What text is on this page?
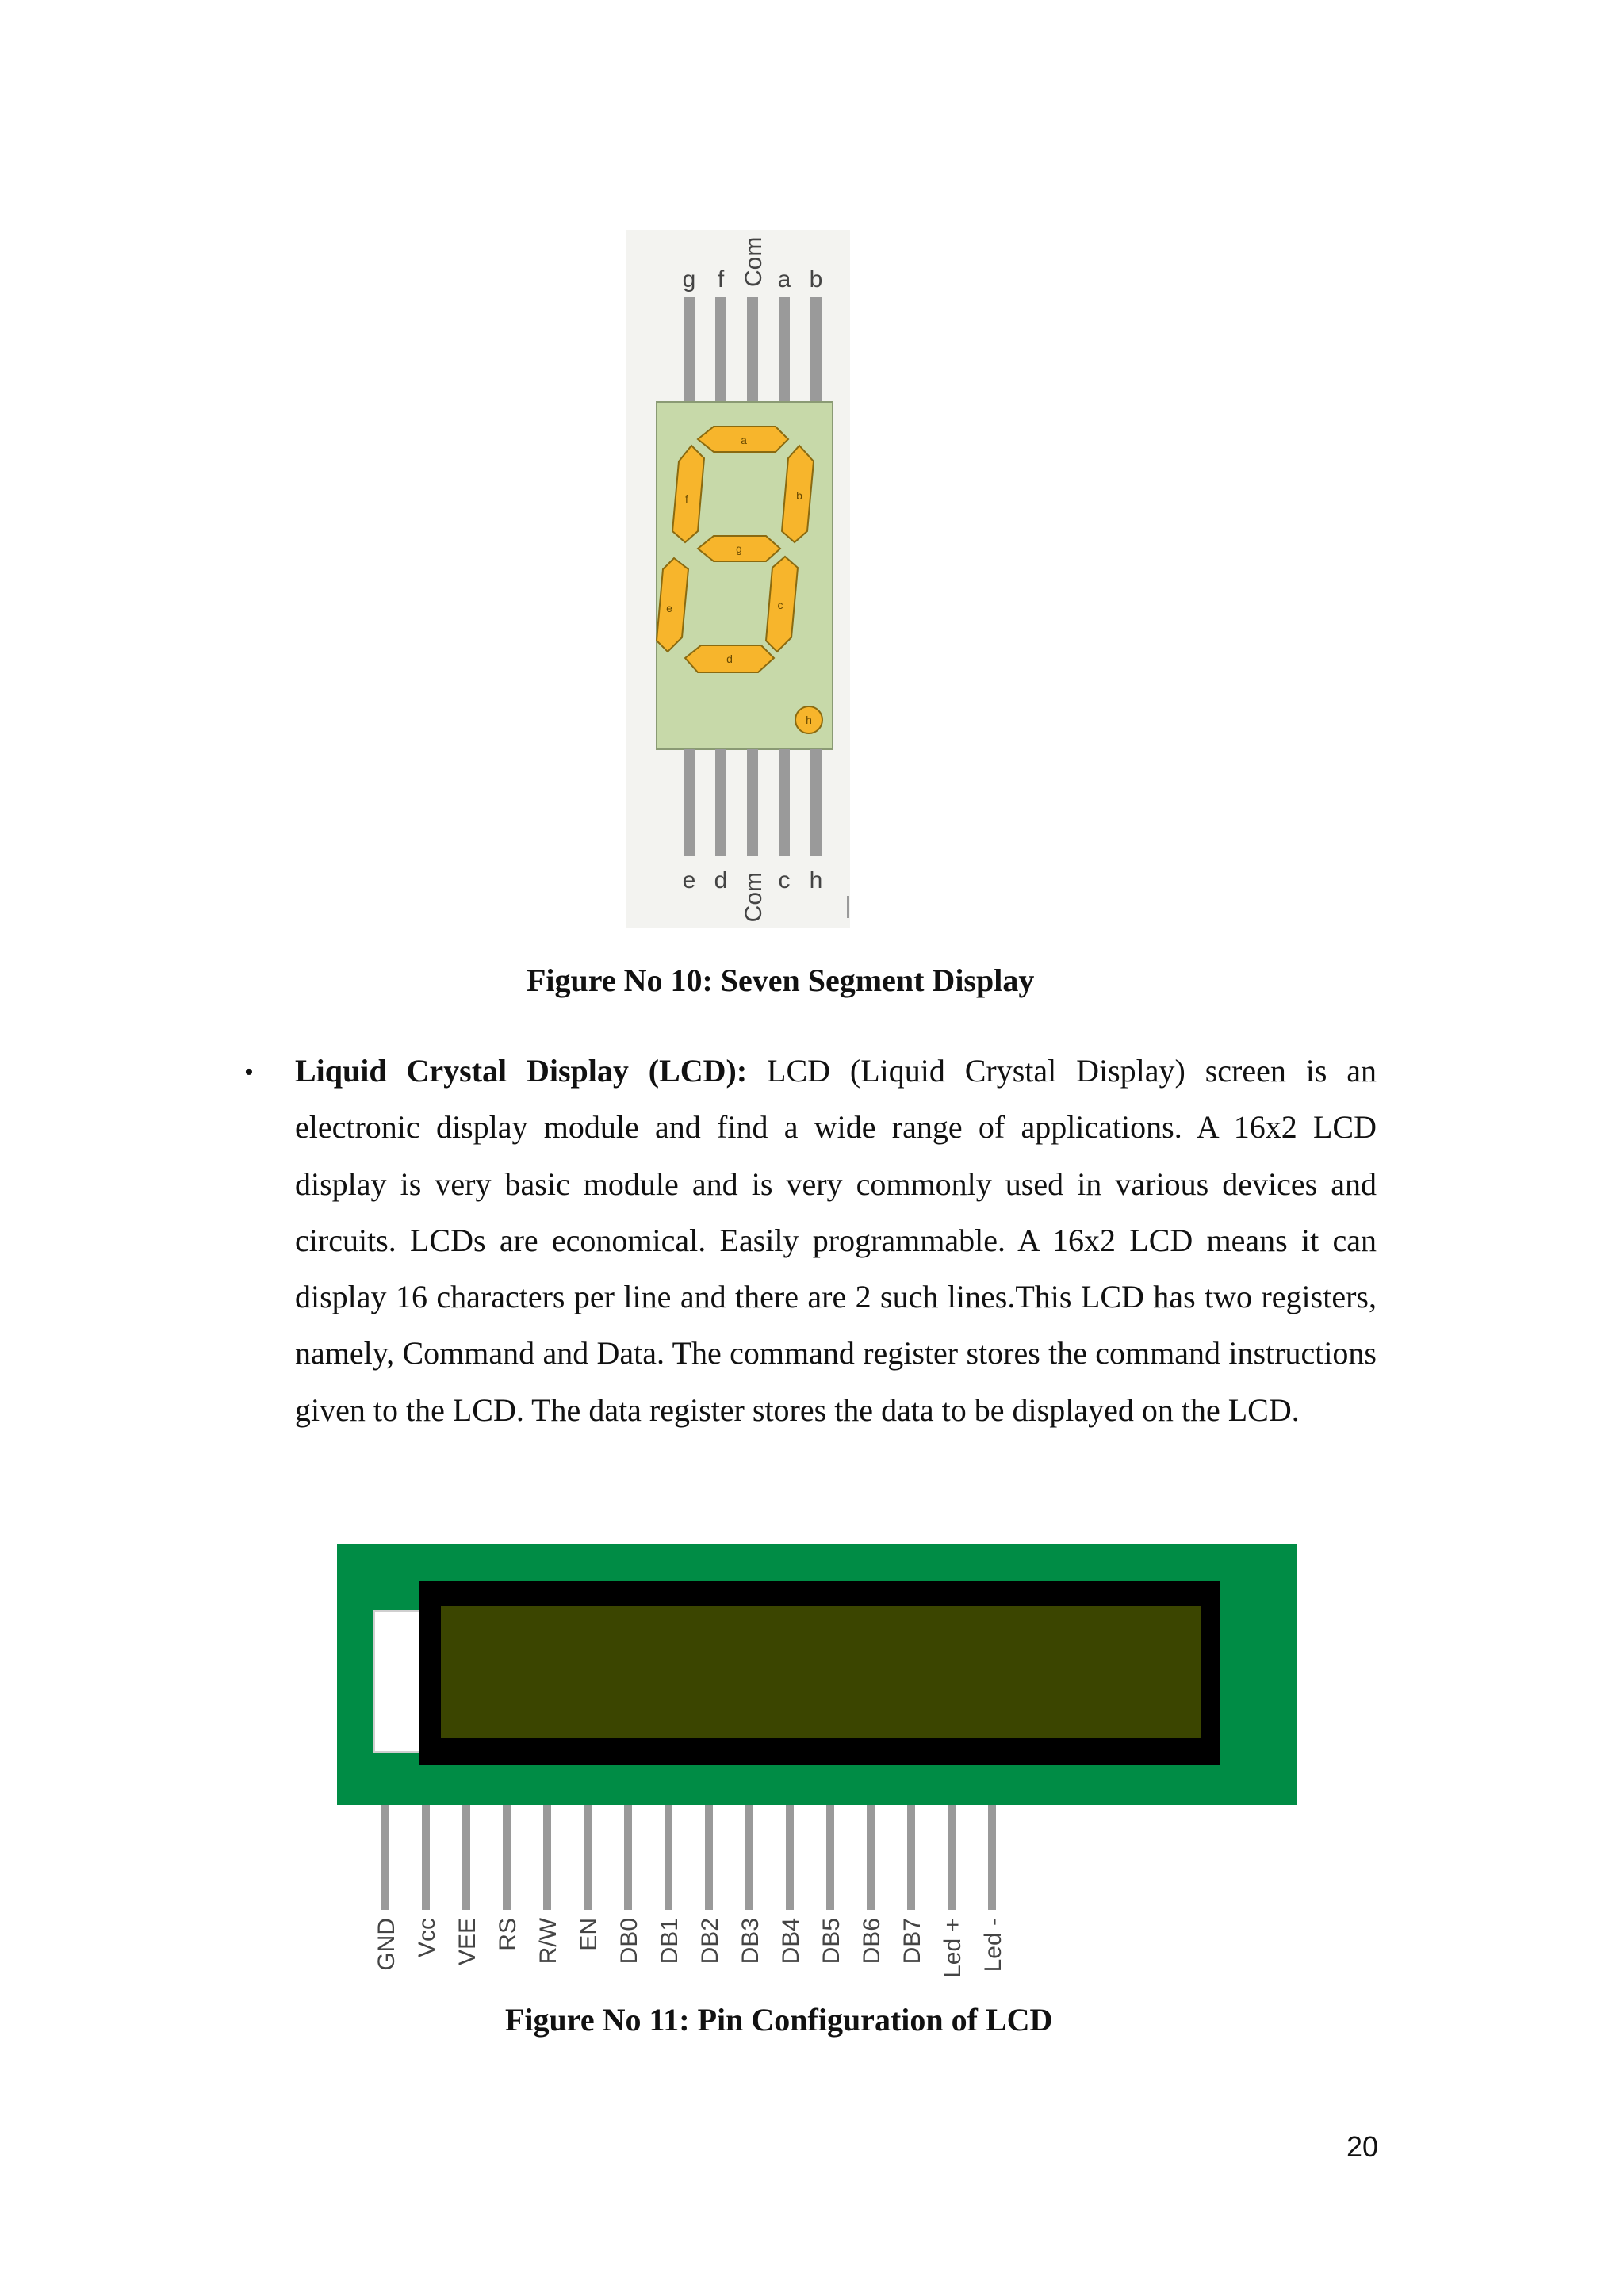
g f Com a b
a
b
c
d
e
f
g
h
e d Com c h
Figure No 10: Seven Segment Display
• Liquid Crystal Display (LCD): LCD (Liquid Crystal Display) screen is an electronic display module and find a wide range of applications. A 16x2 LCD display is very basic module and is very commonly used in various devices and circuits. LCDs are economical. Easily programmable. A 16x2 LCD means it can display 16 characters per line and there are 2 such lines.This LCD has two registers, namely, Command and Data. The command register stores the command instructions given to the LCD. The data register stores the data to be displayed on the LCD.

GND Vcc VEE RS R/W EN DB0 DB1 DB2 DB3 DB4 DB5 DB6 DB7 Led + Led -
Figure No 11: Pin Configuration of LCD
20
